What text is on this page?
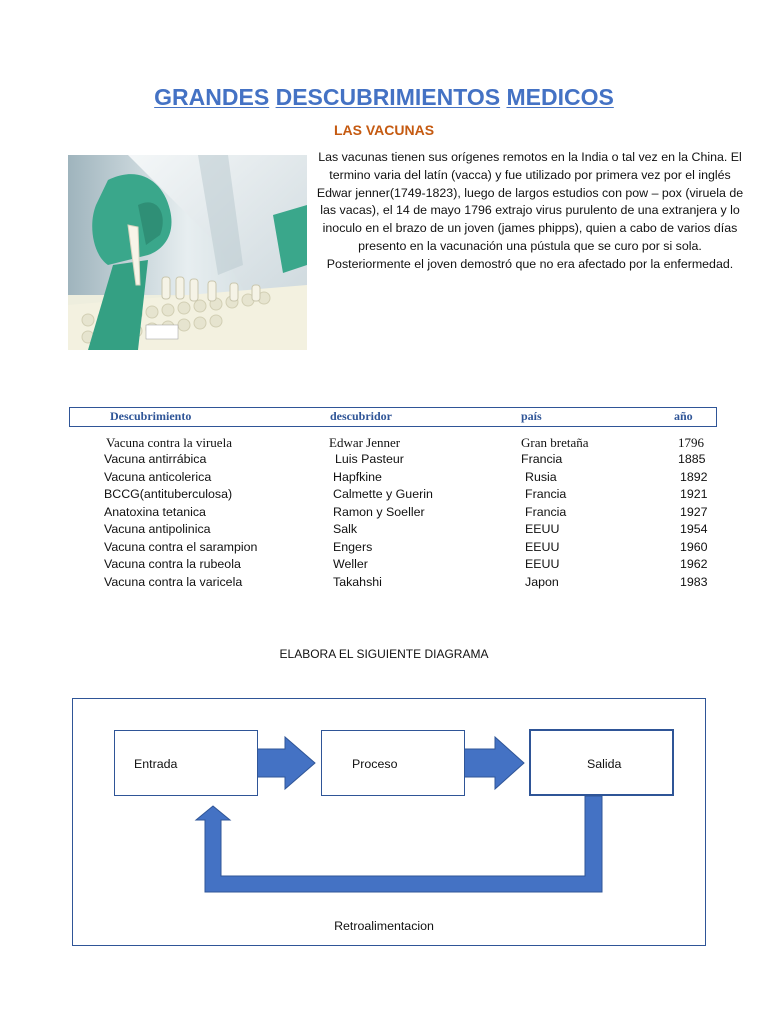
GRANDES DESCUBRIMIENTOS MEDICOS
LAS VACUNAS
Las vacunas tienen sus orígenes remotos en la India o tal vez en la China. El termino varia del latín (vacca) y fue utilizado por primera vez por el inglés Edwar jenner(1749-1823), luego de largos estudios con pow – pox (viruela de las vacas), el 14 de mayo 1796 extrajo virus purulento de una extranjera y lo inoculo en el brazo de un joven (james phipps), quien a cabo de varios días presento en la vacunación una pústula que se curo por si sola. Posteriormente el joven demostró que no era afectado por la enfermedad.
Descubrimiento	descubridor	país	año
Vacuna contra la viruela	Edwar Jenner	Gran bretaña	1796
Vacuna antirrábica	Luis Pasteur	Francia	1885
Vacuna anticolerica	Hapfkine	Rusia	1892
BCCG(antituberculosa)	Calmette y Guerin	Francia	1921
Anatoxina tetanica	Ramon y Soeller	Francia	1927
Vacuna antipolinica	Salk	EEUU	1954
Vacuna contra el sarampion	Engers	EEUU	1960
Vacuna contra la rubeola	Weller	EEUU	1962
Vacuna contra la varicela	Takahshi	Japon	1983
ELABORA EL SIGUIENTE DIAGRAMA
Entrada	Proceso	Salida
Retroalimentacion
